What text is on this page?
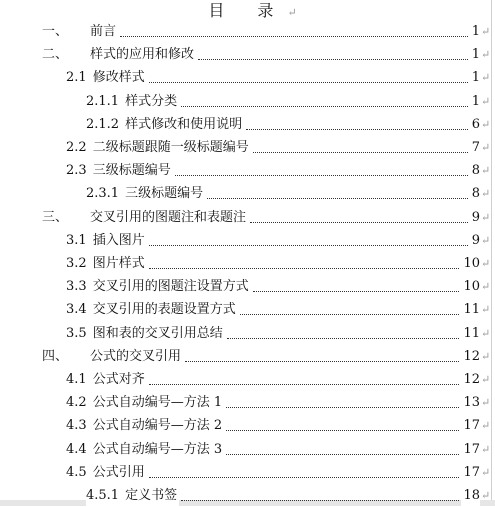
目 录↵
一、 前言	1 ↵
二、 样式的应用和修改	1 ↵
2.1 修改样式	1 ↵
2.1.1 样式分类	1 ↵
2.1.2 样式修改和使用说明	6 ↵
2.2 二级标题跟随一级标题编号	7 ↵
2.3 三级标题编号	8 ↵
2.3.1 三级标题编号	8 ↵
三、 交叉引用的图题注和表题注	9 ↵
3.1 插入图片	9 ↵
3.2 图片样式	10 ↵
3.3 交叉引用的图题注设置方式	10 ↵
3.4 交叉引用的表题设置方式	11 ↵
3.5 图和表的交叉引用总结	11 ↵
四、 公式的交叉引用	12 ↵
4.1 公式对齐	12 ↵
4.2 公式自动编号—方法 1	13 ↵
4.3 公式自动编号—方法 2	17 ↵
4.4 公式自动编号—方法 3	17 ↵
4.5 公式引用	17 ↵
4.5.1 定义书签	18 ↵
